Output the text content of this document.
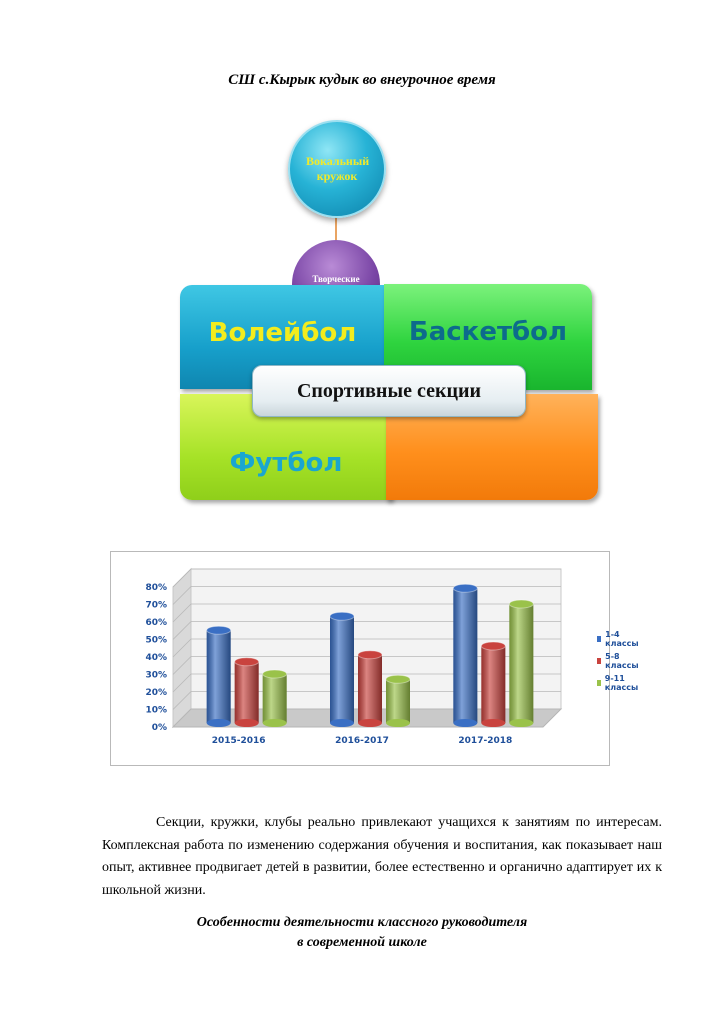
СШ с.Кырык кудык во внеурочное время
Вокальный кружок
Творческие
Волейбол Баскетбол
Футбол
Спортивные секции
0%
10%
20%
30%
40%
50%
60%
70%
80%
2015-2016	2016-2017	2017-2018
1-4 классы
5-8 классы
9-11 классы
Секции, кружки, клубы реально привлекают учащихся к занятиям по интересам. Комплексная работа по изменению содержания обучения и воспитания, как показывает наш опыт, активнее продвигает детей в развитии, более естественно и органично адаптирует их к школьной жизни.
Особенности деятельности классного руководителя
в современной школе
